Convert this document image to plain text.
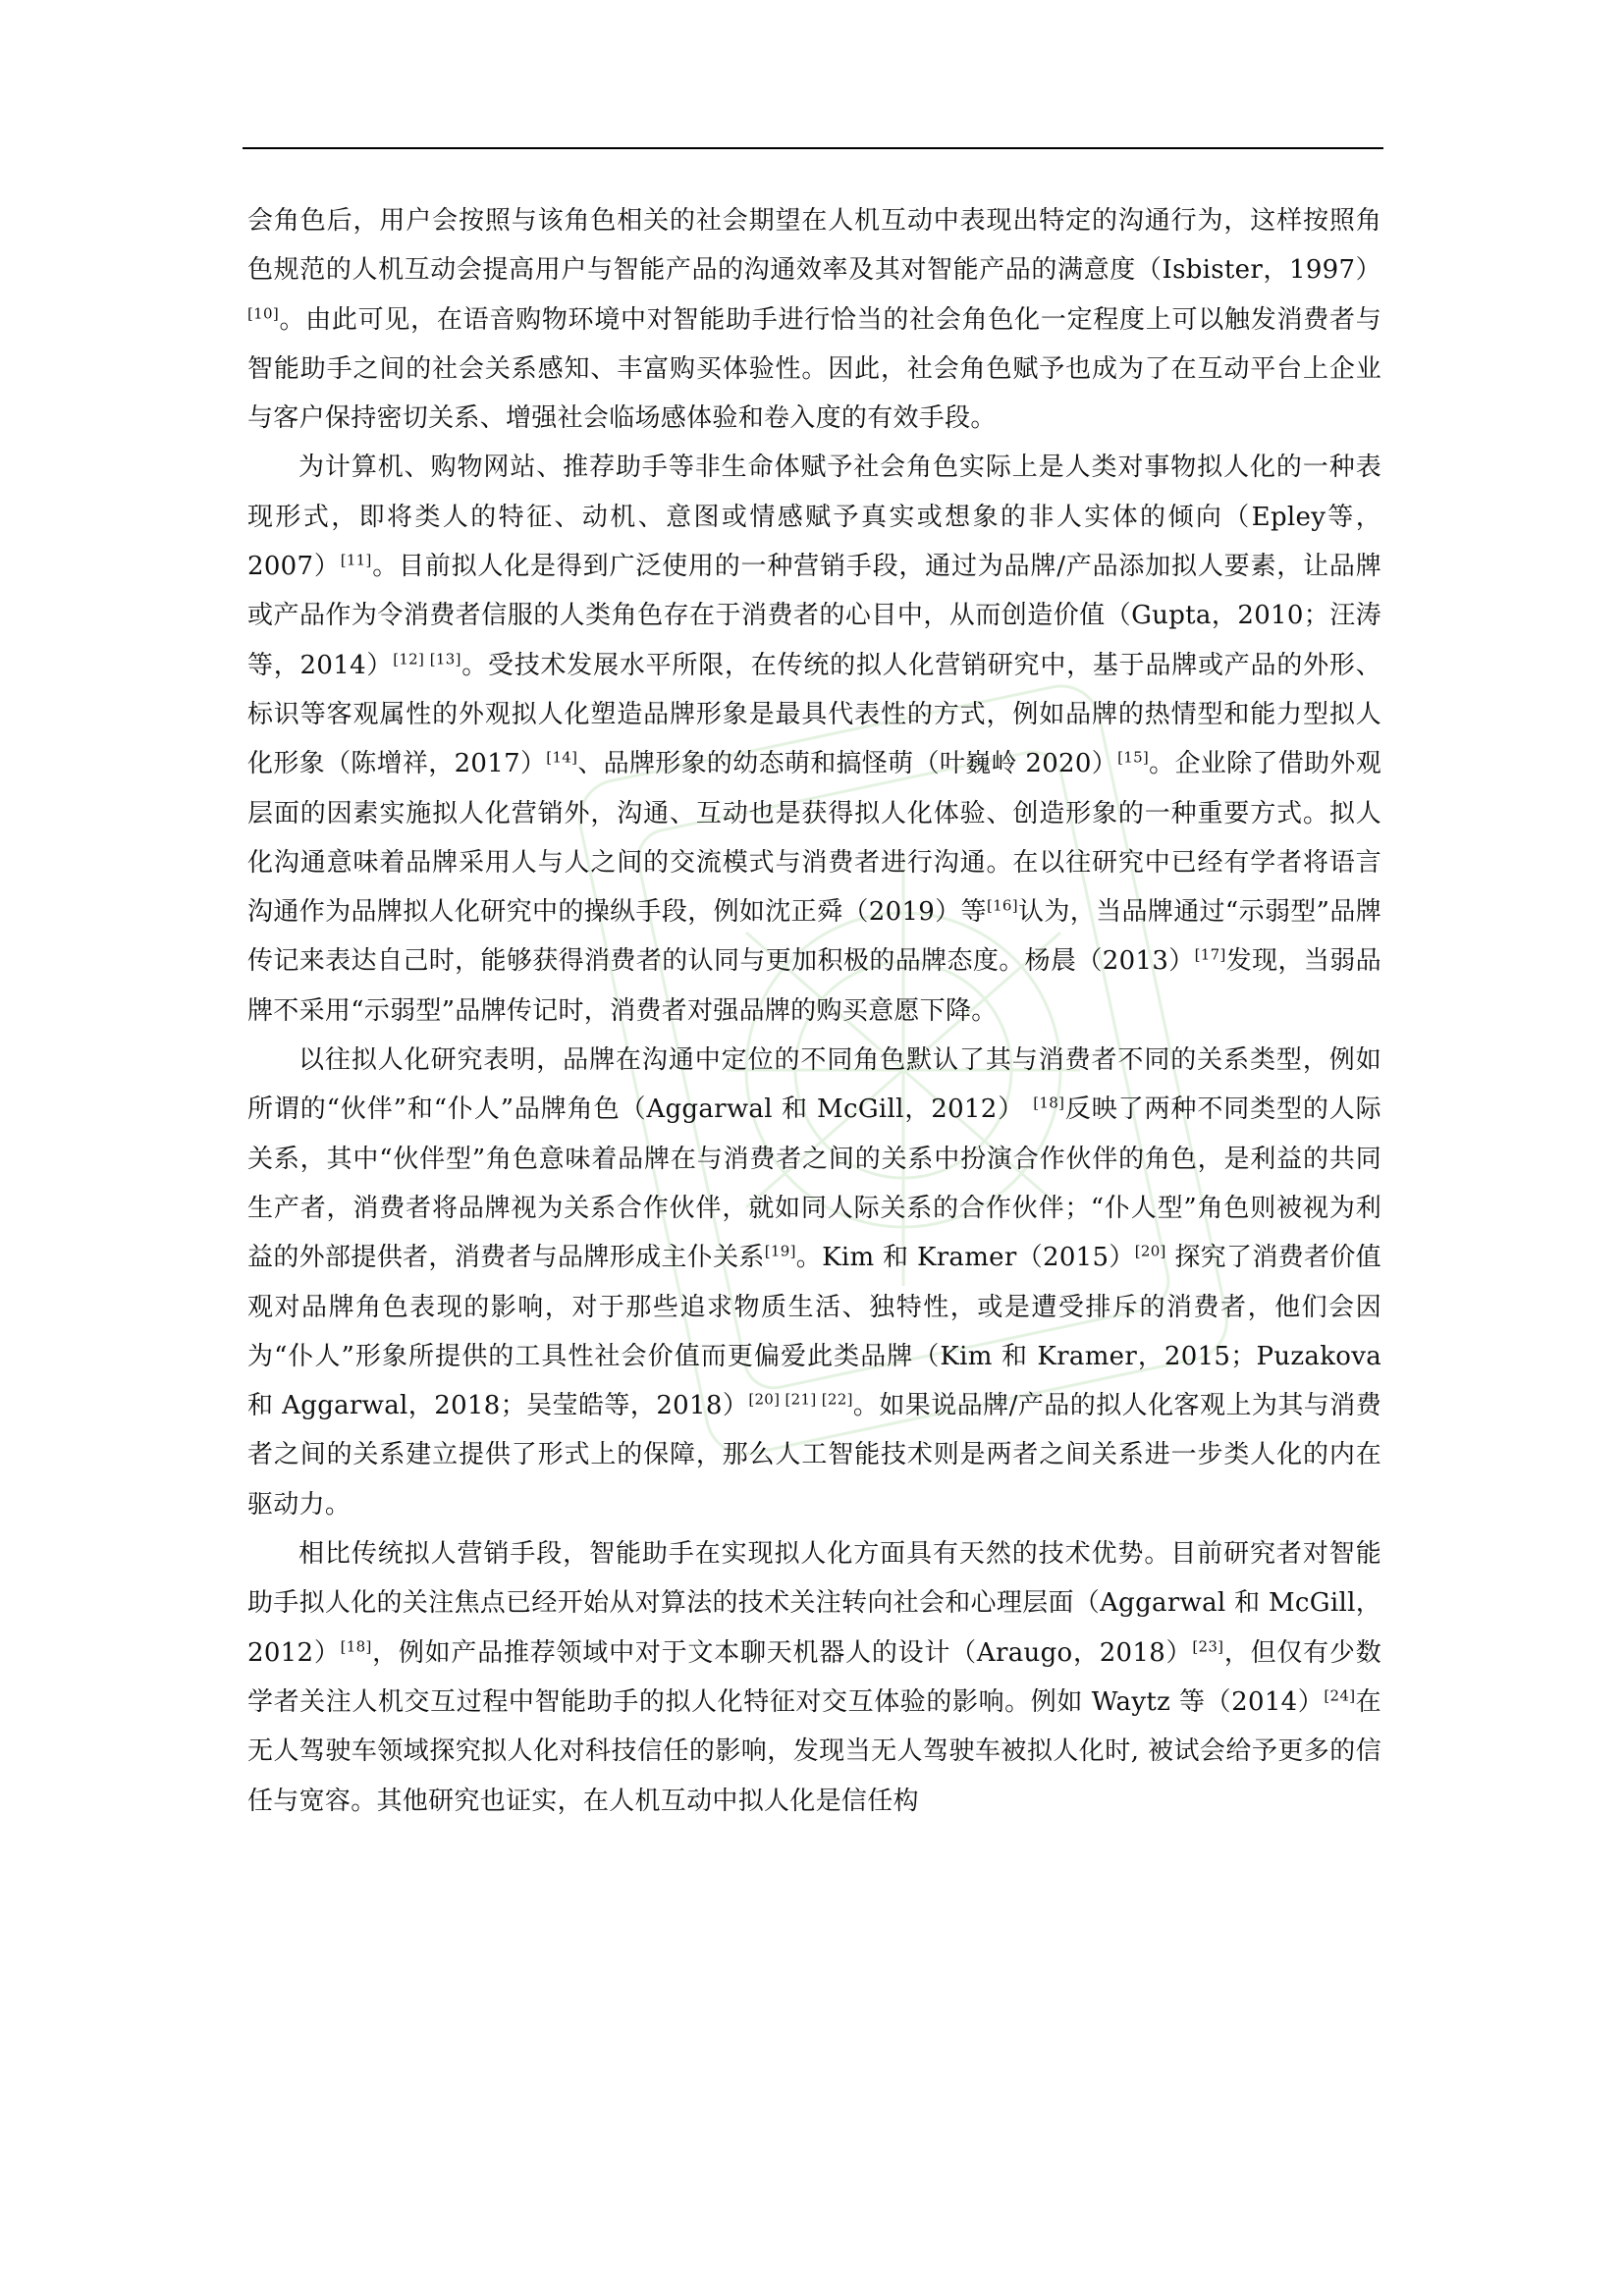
会角色后，用户会按照与该角色相关的社会期望在人机互动中表现出特定的沟通行为，这样按照角色规范的人机互动会提高用户与智能产品的沟通效率及其对智能产品的满意度（Isbister，1997）[10]。由此可见，在语音购物环境中对智能助手进行恰当的社会角色化一定程度上可以触发消费者与智能助手之间的社会关系感知、丰富购买体验性。因此，社会角色赋予也成为了在互动平台上企业与客户保持密切关系、增强社会临场感体验和卷入度的有效手段。

为计算机、购物网站、推荐助手等非生命体赋予社会角色实际上是人类对事物拟人化的一种表现形式，即将类人的特征、动机、意图或情感赋予真实或想象的非人实体的倾向（Epley等，2007）[11]。目前拟人化是得到广泛使用的一种营销手段，通过为品牌/产品添加拟人要素，让品牌或产品作为令消费者信服的人类角色存在于消费者的心目中，从而创造价值（Gupta，2010；汪涛等，2014）[12] [13]。受技术发展水平所限，在传统的拟人化营销研究中，基于品牌或产品的外形、标识等客观属性的外观拟人化塑造品牌形象是最具代表性的方式，例如品牌的热情型和能力型拟人化形象（陈增祥，2017）[14]、品牌形象的幼态萌和搞怪萌（叶巍岭 2020）[15]。企业除了借助外观层面的因素实施拟人化营销外，沟通、互动也是获得拟人化体验、创造形象的一种重要方式。拟人化沟通意味着品牌采用人与人之间的交流模式与消费者进行沟通。在以往研究中已经有学者将语言沟通作为品牌拟人化研究中的操纵手段，例如沈正舜（2019）等[16]认为，当品牌通过“示弱型”品牌传记来表达自己时，能够获得消费者的认同与更加积极的品牌态度。杨晨（2013）[17]发现，当弱品牌不采用“示弱型”品牌传记时，消费者对强品牌的购买意愿下降。

以往拟人化研究表明，品牌在沟通中定位的不同角色默认了其与消费者不同的关系类型，例如所谓的“伙伴”和“仆人”品牌角色（Aggarwal 和 McGill，2012） [18]反映了两种不同类型的人际关系，其中“伙伴型”角色意味着品牌在与消费者之间的关系中扮演合作伙伴的角色，是利益的共同生产者，消费者将品牌视为关系合作伙伴，就如同人际关系的合作伙伴；“仆人型”角色则被视为利益的外部提供者，消费者与品牌形成主仆关系[19]。Kim 和 Kramer（2015）[20] 探究了消费者价值观对品牌角色表现的影响，对于那些追求物质生活、独特性，或是遭受排斥的消费者，他们会因为“仆人”形象所提供的工具性社会价值而更偏爱此类品牌（Kim 和 Kramer，2015；Puzakova 和 Aggarwal，2018；吴莹皓等，2018）[20] [21] [22]。如果说品牌/产品的拟人化客观上为其与消费者之间的关系建立提供了形式上的保障，那么人工智能技术则是两者之间关系进一步类人化的内在驱动力。

相比传统拟人营销手段，智能助手在实现拟人化方面具有天然的技术优势。目前研究者对智能助手拟人化的关注焦点已经开始从对算法的技术关注转向社会和心理层面（Aggarwal 和 McGill，2012）[18]，例如产品推荐领域中对于文本聊天机器人的设计（Araugo，2018）[23]，但仅有少数学者关注人机交互过程中智能助手的拟人化特征对交互体验的影响。例如 Waytz 等（2014）[24]在无人驾驶车领域探究拟人化对科技信任的影响，发现当无人驾驶车被拟人化时, 被试会给予更多的信任与宽容。其他研究也证实，在人机互动中拟人化是信任构
